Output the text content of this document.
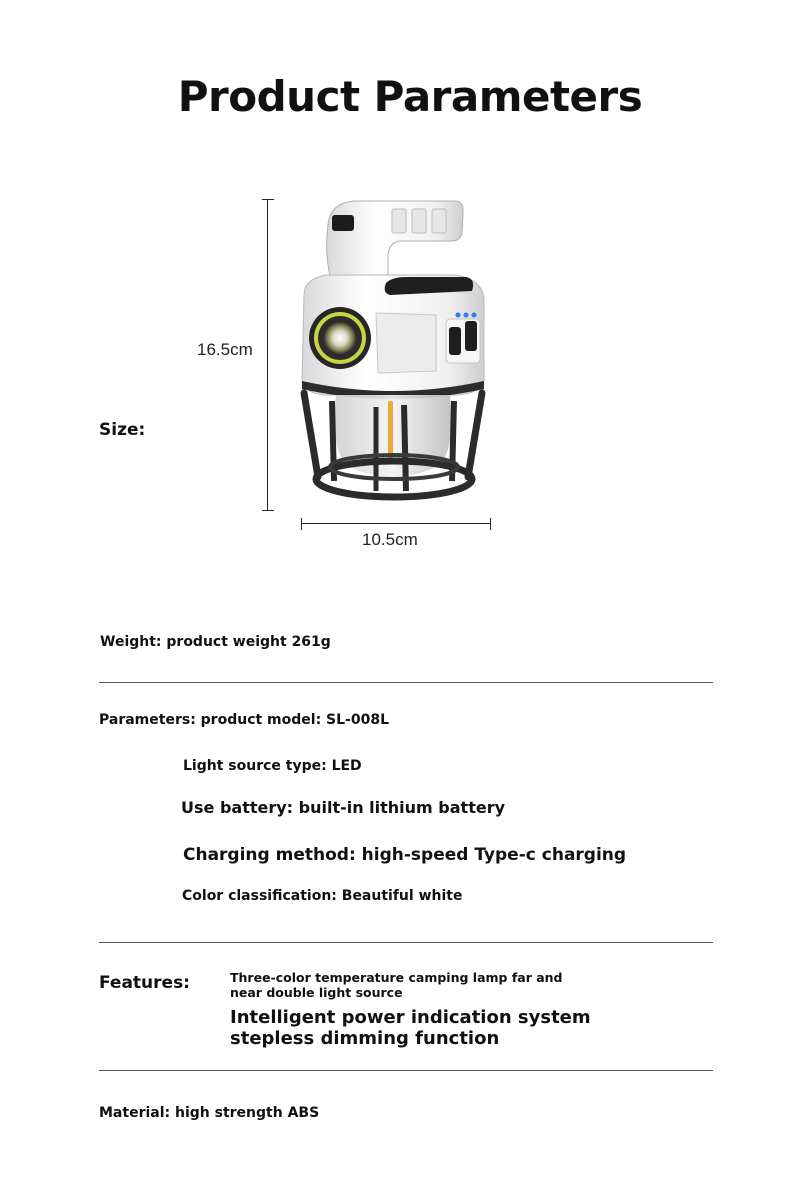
Product Parameters
Size:
16.5cm
10.5cm
Weight: product weight 261g
Parameters: product model: SL-008L
Light source type: LED
Use battery: built-in lithium battery
Charging method: high-speed Type-c charging
Color classification: Beautiful white
Features:	Three-color temperature camping lamp far and near double light source
Intelligent power indication system stepless dimming function
Material: high strength ABS
